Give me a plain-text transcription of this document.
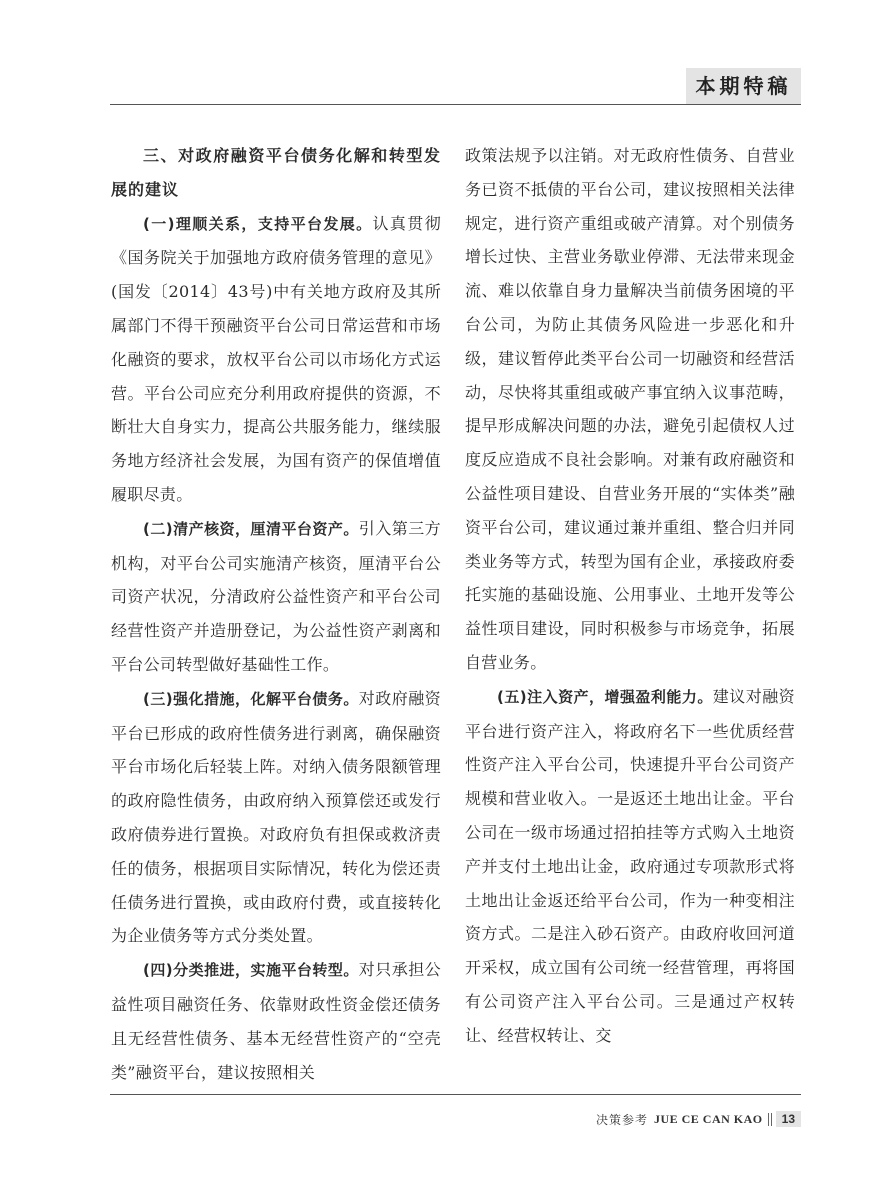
本期特稿

三、对政府融资平台债务化解和转型发展的建议

(一)理顺关系，支持平台发展。认真贯彻《国务院关于加强地方政府债务管理的意见》(国发〔2014〕43号)中有关地方政府及其所属部门不得干预融资平台公司日常运营和市场化融资的要求，放权平台公司以市场化方式运营。平台公司应充分利用政府提供的资源，不断壮大自身实力，提高公共服务能力，继续服务地方经济社会发展，为国有资产的保值增值履职尽责。

(二)清产核资，厘清平台资产。引入第三方机构，对平台公司实施清产核资，厘清平台公司资产状况，分清政府公益性资产和平台公司经营性资产并造册登记，为公益性资产剥离和平台公司转型做好基础性工作。

(三)强化措施，化解平台债务。对政府融资平台已形成的政府性债务进行剥离，确保融资平台市场化后轻装上阵。对纳入债务限额管理的政府隐性债务，由政府纳入预算偿还或发行政府债券进行置换。对政府负有担保或救济责任的债务，根据项目实际情况，转化为偿还责任债务进行置换，或由政府付费，或直接转化为企业债务等方式分类处置。

(四)分类推进，实施平台转型。对只承担公益性项目融资任务、依靠财政性资金偿还债务且无经营性债务、基本无经营性资产的“空壳类”融资平台，建议按照相关

政策法规予以注销。对无政府性债务、自营业务已资不抵债的平台公司，建议按照相关法律规定，进行资产重组或破产清算。对个别债务增长过快、主营业务歇业停滞、无法带来现金流、难以依靠自身力量解决当前债务困境的平台公司，为防止其债务风险进一步恶化和升级，建议暂停此类平台公司一切融资和经营活动，尽快将其重组或破产事宜纳入议事范畴，提早形成解决问题的办法，避免引起债权人过度反应造成不良社会影响。对兼有政府融资和公益性项目建设、自营业务开展的“实体类”融资平台公司，建议通过兼并重组、整合归并同类业务等方式，转型为国有企业，承接政府委托实施的基础设施、公用事业、土地开发等公益性项目建设，同时积极参与市场竞争，拓展自营业务。

(五)注入资产，增强盈利能力。建议对融资平台进行资产注入，将政府名下一些优质经营性资产注入平台公司，快速提升平台公司资产规模和营业收入。一是返还土地出让金。平台公司在一级市场通过招拍挂等方式购入土地资产并支付土地出让金，政府通过专项款形式将土地出让金返还给平台公司，作为一种变相注资方式。二是注入砂石资产。由政府收回河道开采权，成立国有公司统一经营管理，再将国有公司资产注入平台公司。三是通过产权转让、经营权转让、交

决策参考 JUE CE CAN KAO	13
